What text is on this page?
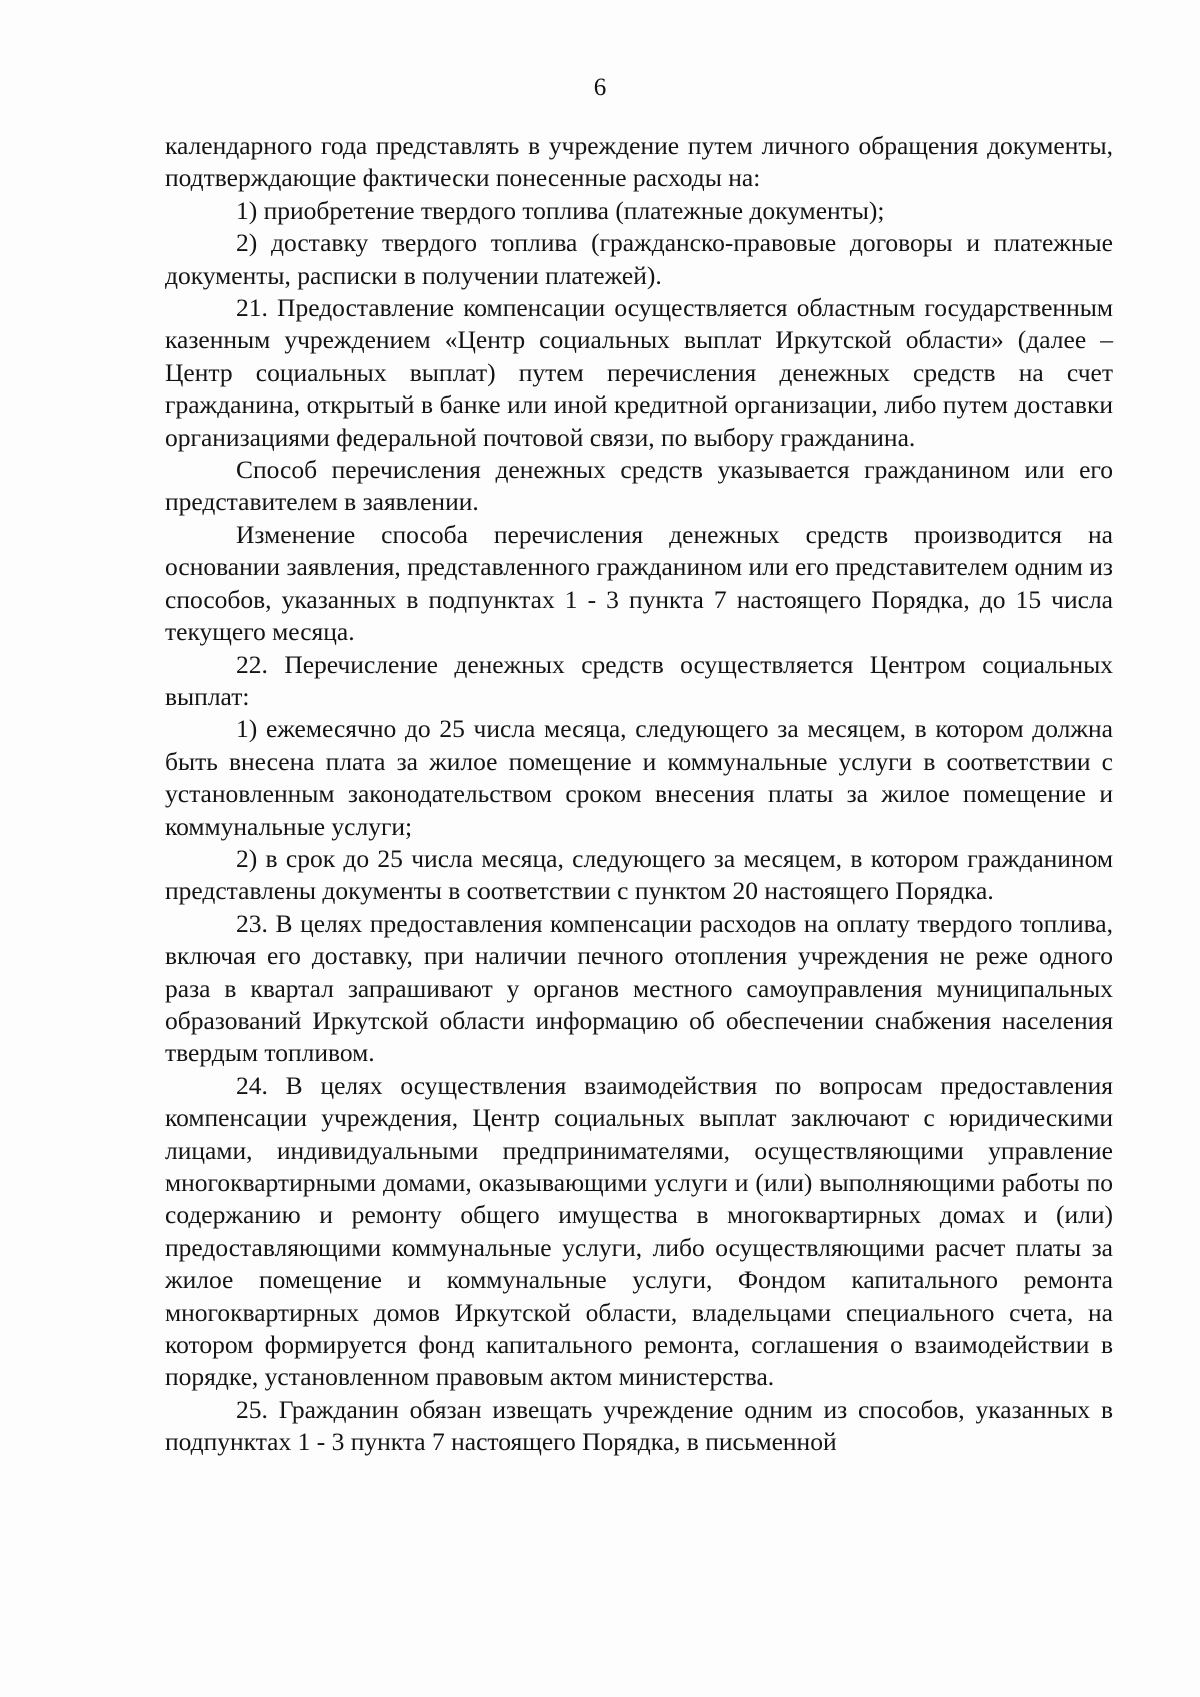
6

календарного года представлять в учреждение путем личного обращения документы, подтверждающие фактически понесенные расходы на:

1) приобретение твердого топлива (платежные документы);

2) доставку твердого топлива (гражданско-правовые договоры и платежные документы, расписки в получении платежей).

21. Предоставление компенсации осуществляется областным государственным казенным учреждением «Центр социальных выплат Иркутской области» (далее – Центр социальных выплат) путем перечисления денежных средств на счет гражданина, открытый в банке или иной кредитной организации, либо путем доставки организациями федеральной почтовой связи, по выбору гражданина.

Способ перечисления денежных средств указывается гражданином или его представителем в заявлении.

Изменение способа перечисления денежных средств производится на основании заявления, представленного гражданином или его представителем одним из способов, указанных в подпунктах 1 - 3 пункта 7 настоящего Порядка, до 15 числа текущего месяца.

22. Перечисление денежных средств осуществляется Центром социальных выплат:

1) ежемесячно до 25 числа месяца, следующего за месяцем, в котором должна быть внесена плата за жилое помещение и коммунальные услуги в соответствии с установленным законодательством сроком внесения платы за жилое помещение и коммунальные услуги;

2) в срок до 25 числа месяца, следующего за месяцем, в котором гражданином представлены документы в соответствии с пунктом 20 настоящего Порядка.

23. В целях предоставления компенсации расходов на оплату твердого топлива, включая его доставку, при наличии печного отопления учреждения не реже одного раза в квартал запрашивают у органов местного самоуправления муниципальных образований Иркутской области информацию об обеспечении снабжения населения твердым топливом.

24. В целях осуществления взаимодействия по вопросам предоставления компенсации учреждения, Центр социальных выплат заключают с юридическими лицами, индивидуальными предпринимателями, осуществляющими управление многоквартирными домами, оказывающими услуги и (или) выполняющими работы по содержанию и ремонту общего имущества в многоквартирных домах и (или) предоставляющими коммунальные услуги, либо осуществляющими расчет платы за жилое помещение и коммунальные услуги, Фондом капитального ремонта многоквартирных домов Иркутской области, владельцами специального счета, на котором формируется фонд капитального ремонта, соглашения о взаимодействии в порядке, установленном правовым актом министерства.

25. Гражданин обязан извещать учреждение одним из способов, указанных в подпунктах 1 - 3 пункта 7 настоящего Порядка, в письменной
